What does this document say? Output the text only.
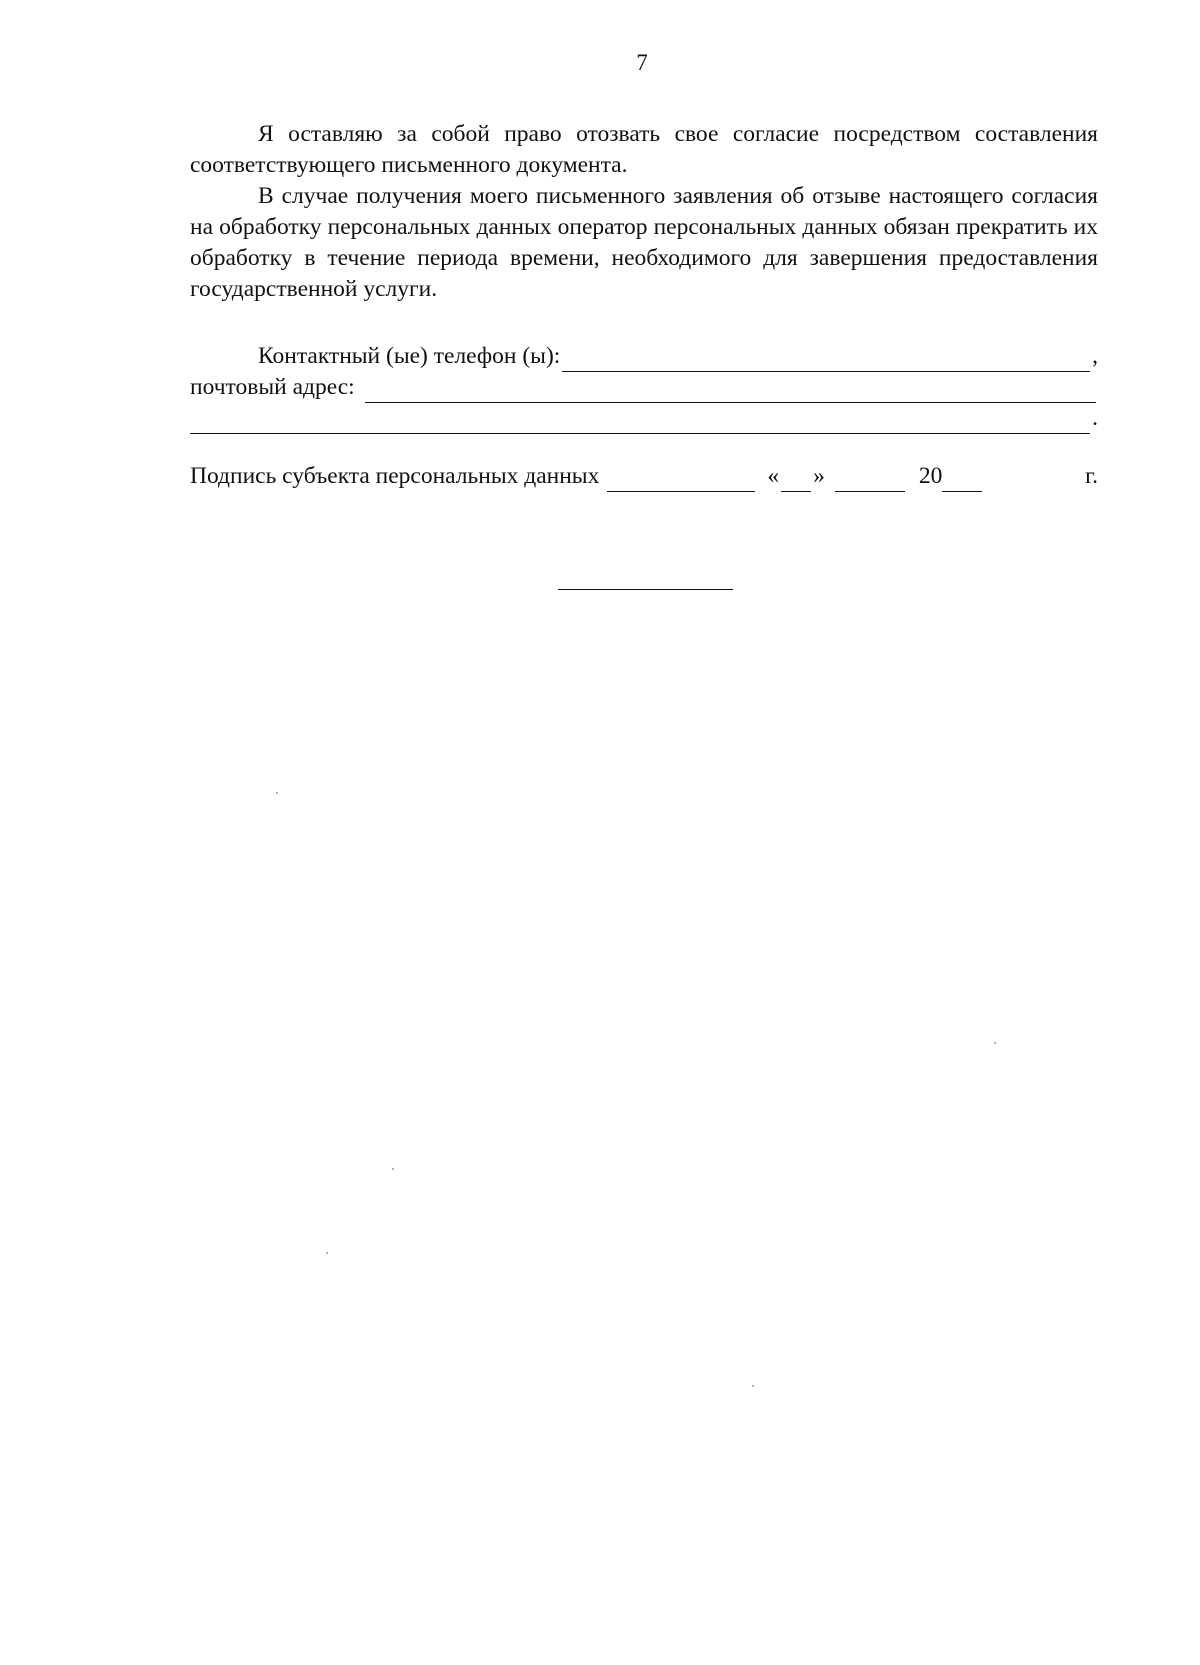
7

Я оставляю за собой право отозвать свое согласие посредством составления соответствующего письменного документа.

В случае получения моего письменного заявления об отзыве настоящего согласия на обработку персональных данных оператор персональных данных обязан прекратить их обработку в течение периода времени, необходимого для завершения предоставления государственной услуги.

Контактный (ые) телефон (ы):	,
почтовый адрес:
.
Подпись субъекта персональных данных	« »	20	г.
